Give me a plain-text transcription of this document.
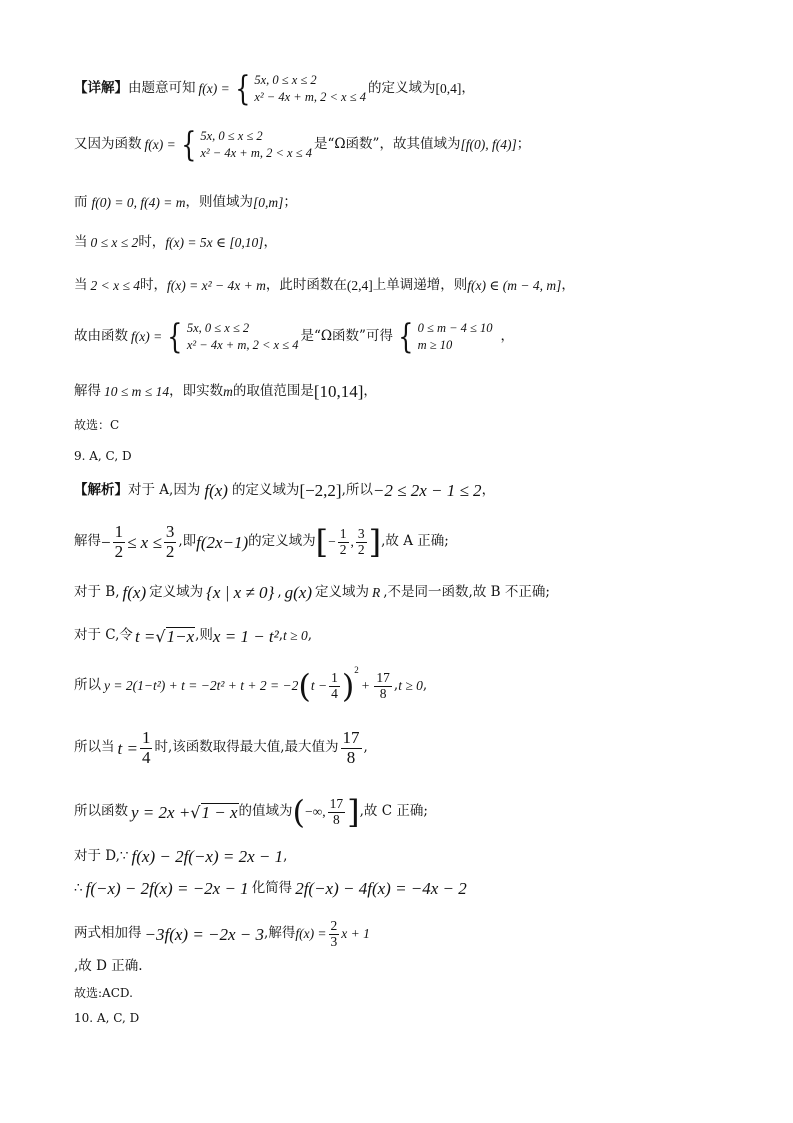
【详解】 由题意可知 f(x) = { 5x, 0 ≤ x ≤ 2
x² − 4x + m, 2 < x ≤ 4
的定义域为 [0,4] ，
又因为函数 f(x) = { 5x, 0 ≤ x ≤ 2
x² − 4x + m, 2 < x ≤ 4
是“Ω函数”，故其值域为 [f(0), f(4)] ；
而 f(0) = 0, f(4) = m ，则值域为 [0,m] ；
当 0 ≤ x ≤ 2 时， f(x) = 5x ∈ [0,10] ，
当 2 < x ≤ 4 时， f(x) = x² − 4x + m ，此时函数在 (2,4] 上单调递增，则 f(x) ∈ (m − 4, m] ，
故由函数 f(x) = { 5x, 0 ≤ x ≤ 2
x² − 4x + m, 2 < x ≤ 4
是“Ω函数”可得 { 0 ≤ m − 4 ≤ 10
m ≥ 10
，
解得 10 ≤ m ≤ 14 ，即实数 m 的取值范围是 [10,14] ，
故选：C
9. A, C, D
【解析】 对于 A,因为 f(x) 的定义域为 [−2,2] ,所以 −2 ≤ 2x − 1 ≤ 2 ，
解得 − $\frac{1}{2} \le x \le \frac{3}{2}$ ,即 f(2x−1) 的定义域为 [ − $\frac{1}{2}$ , $\frac{3}{2}$ ] ,故 A 正确;
对于 B, f(x) 定义域为 {x | x ≠ 0} , g(x) 定义域为 R ,不是同一函数,故 B 不正确;
对于 C,令 t = √ 1−x ,则 x = 1 − t² , t ≥ 0 ,
所以 y = 2(1−t²) + t = −2t² + t + 2 = −2 ( $t - \frac{1}{4}$ ) 2
+ $\frac{17}{8}$ , t ≥ 0 ,
所以当 $t = \frac{1}{4}$ 时,该函数取得最大值,最大值为 $\frac{17}{8}$ ,
所以函数 y = 2x + √ 1 − x 的值域为 ( −∞, $\frac{17}{8}$ ] ,故 C 正确;
对于 D,∵ f(x) − 2f(−x) = 2x − 1 ,
∴ f(−x) − 2f(x) = −2x − 1 化简得 2f(−x) − 4f(x) = −4x − 2
两式相加得 −3f(x) = −2x − 3 ,解得 $f(x) = \frac{2}{3}$ x + 1
,故 D 正确.
故选:ACD.
10. A, C, D
